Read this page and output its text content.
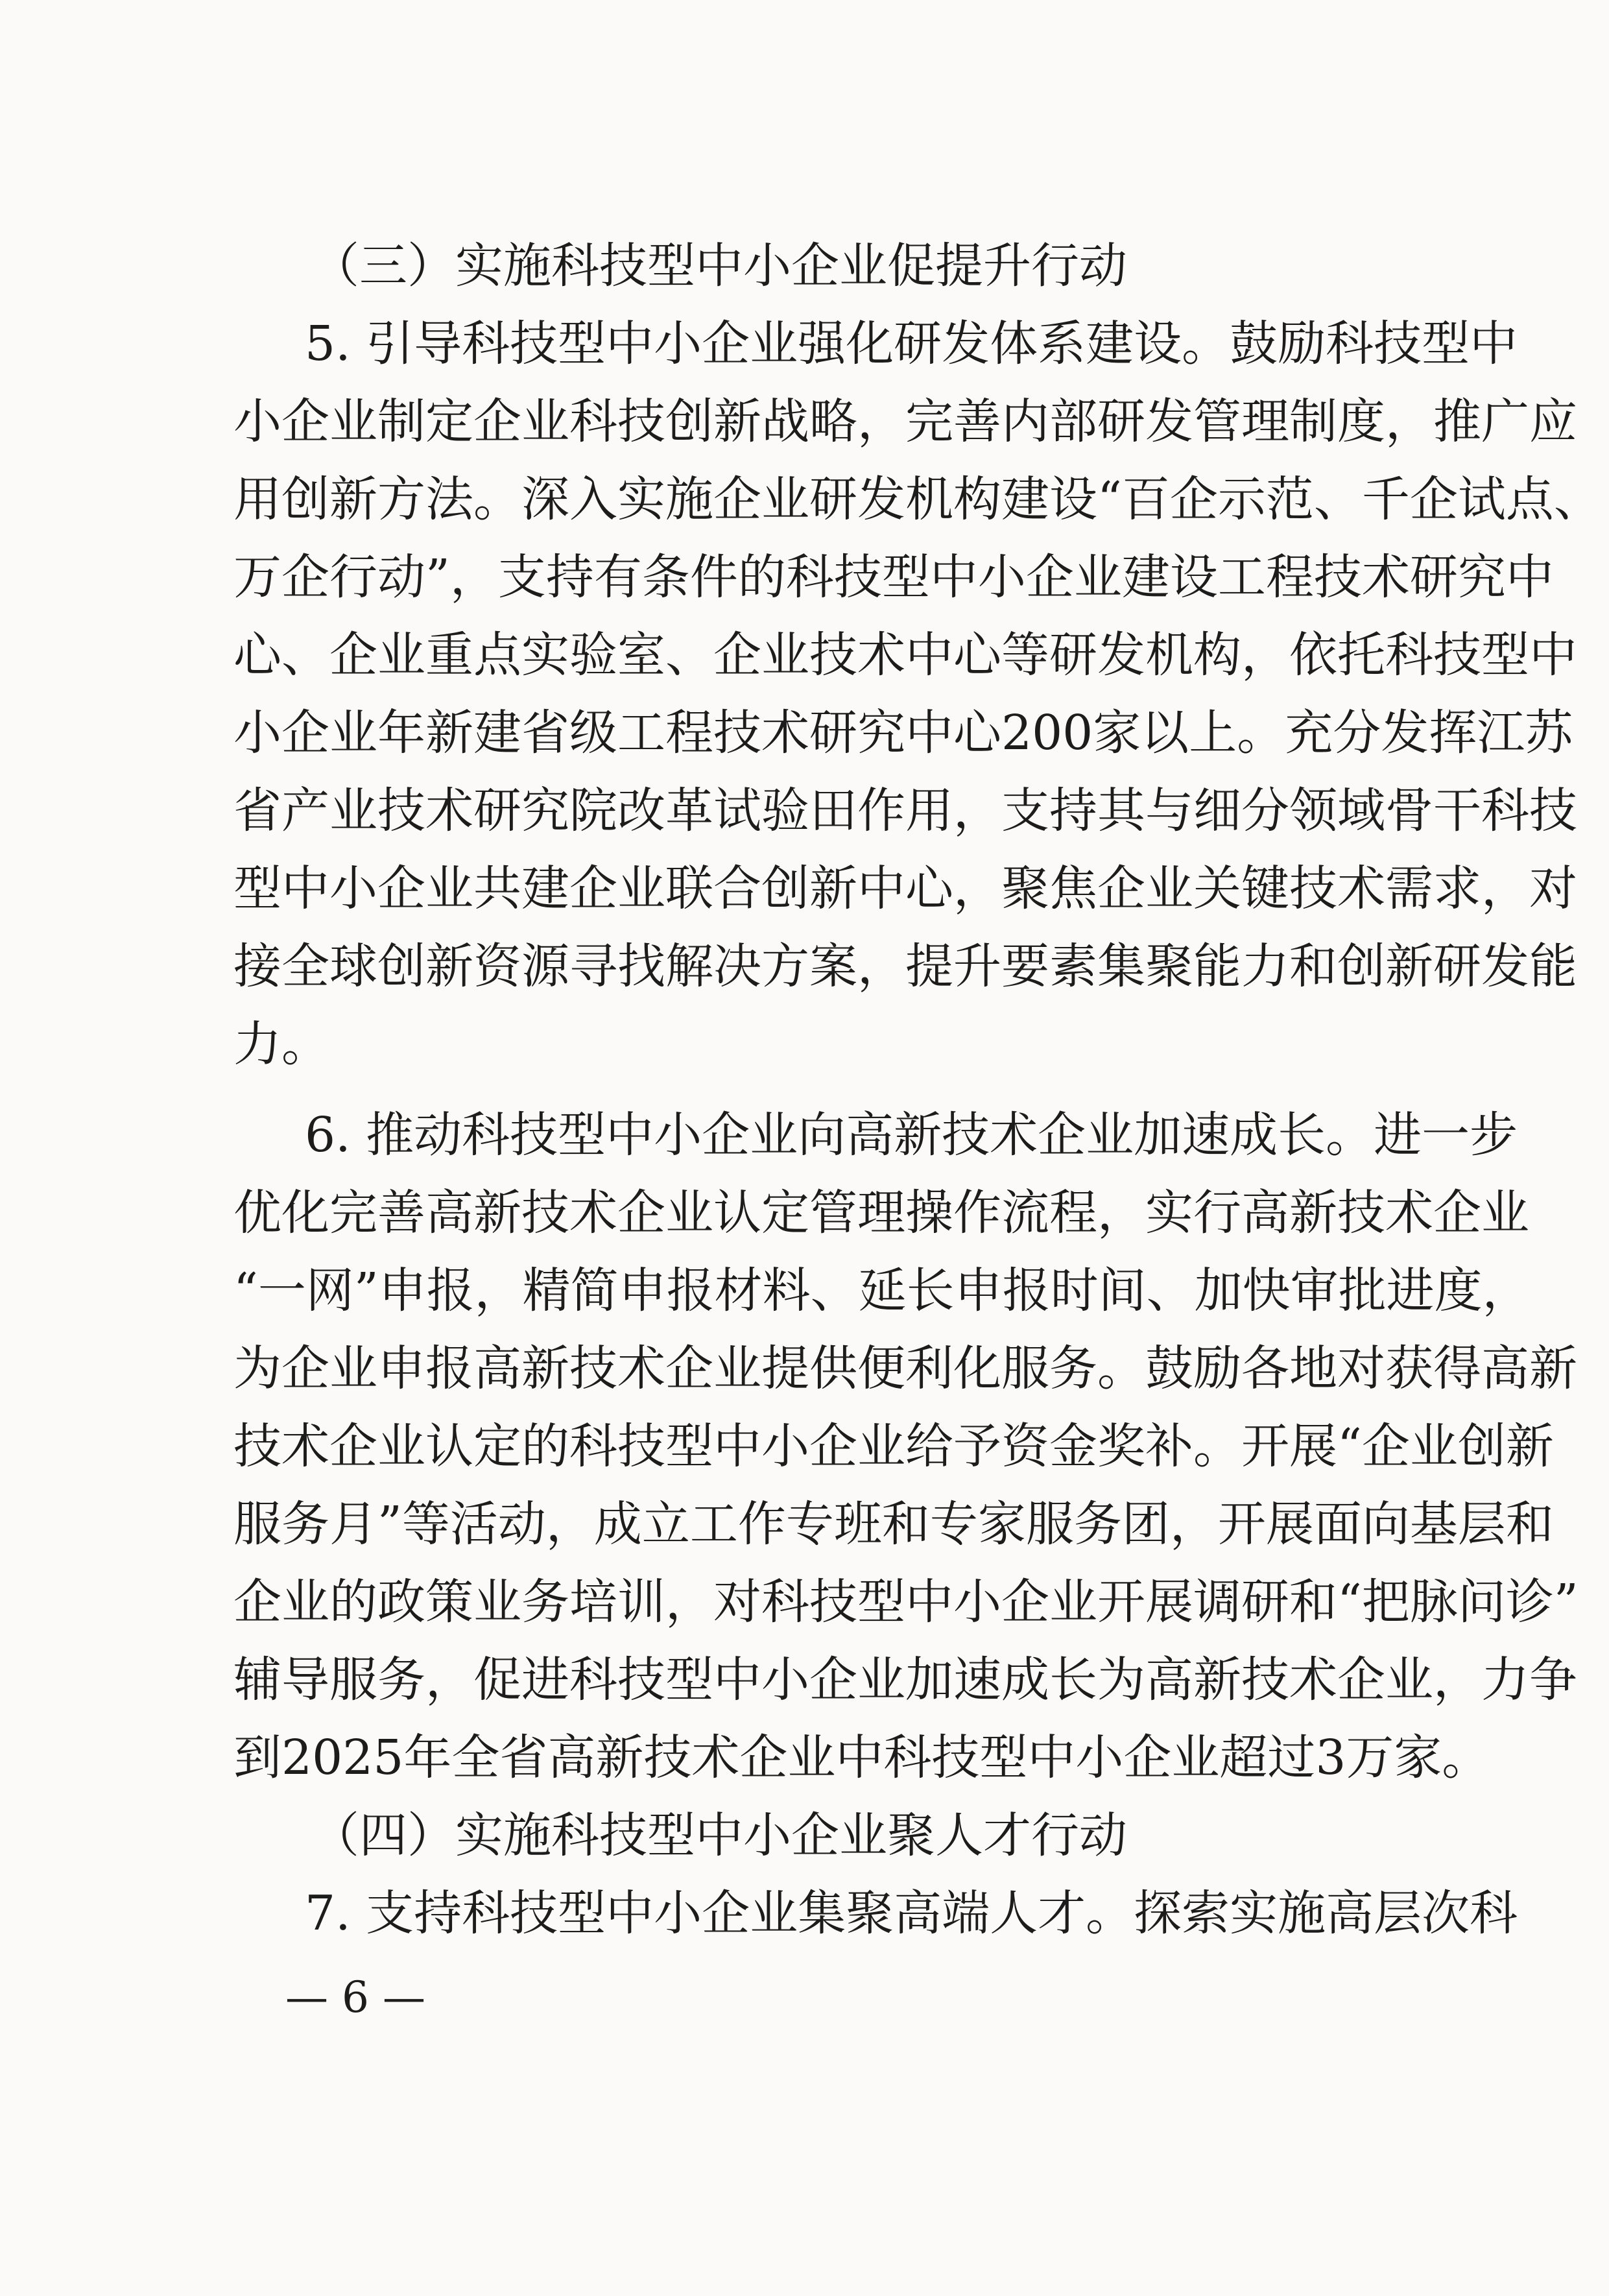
（三）实施科技型中小企业促提升行动
5. 引导科技型中小企业强化研发体系建设。鼓励科技型中
小企业制定企业科技创新战略，完善内部研发管理制度，推广应
用创新方法。深入实施企业研发机构建设“百企示范、千企试点、
万企行动”，支持有条件的科技型中小企业建设工程技术研究中
心、企业重点实验室、企业技术中心等研发机构，依托科技型中
小企业年新建省级工程技术研究中心200家以上。充分发挥江苏
省产业技术研究院改革试验田作用，支持其与细分领域骨干科技
型中小企业共建企业联合创新中心，聚焦企业关键技术需求，对
接全球创新资源寻找解决方案，提升要素集聚能力和创新研发能
力。
6. 推动科技型中小企业向高新技术企业加速成长。进一步
优化完善高新技术企业认定管理操作流程，实行高新技术企业
“一网”申报，精简申报材料、延长申报时间、加快审批进度，
为企业申报高新技术企业提供便利化服务。鼓励各地对获得高新
技术企业认定的科技型中小企业给予资金奖补。开展“企业创新
服务月”等活动，成立工作专班和专家服务团，开展面向基层和
企业的政策业务培训，对科技型中小企业开展调研和“把脉问诊”
辅导服务，促进科技型中小企业加速成长为高新技术企业，力争
到2025年全省高新技术企业中科技型中小企业超过3万家。
（四）实施科技型中小企业聚人才行动
7. 支持科技型中小企业集聚高端人才。探索实施高层次科
— 6 —
